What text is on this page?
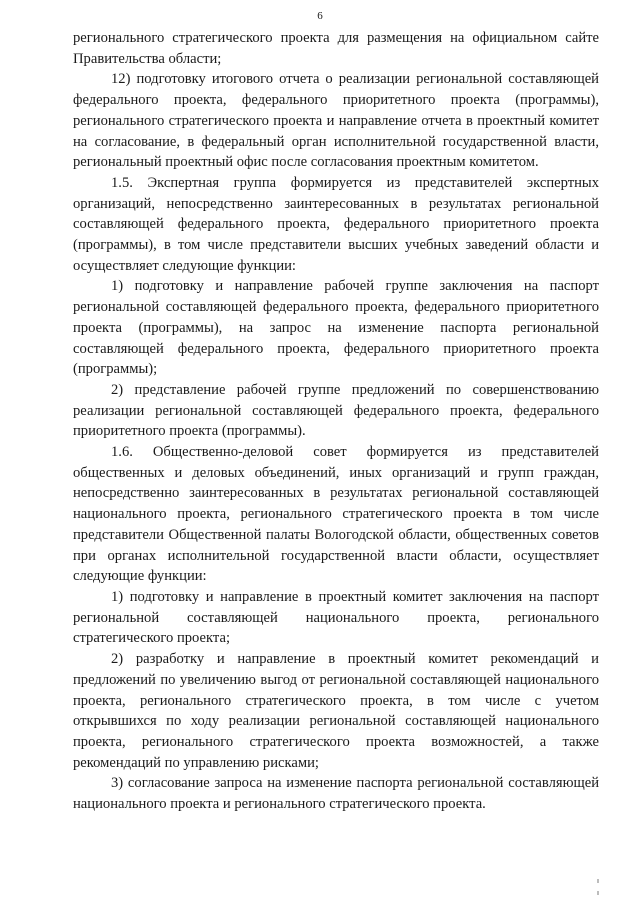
6

регионального стратегического проекта для размещения на официальном сайте Правительства области;

12) подготовку итогового отчета о реализации региональной составляющей федерального проекта, федерального приоритетного проекта (программы), регионального стратегического проекта и направление отчета в проектный комитет на согласование, в федеральный орган исполнительной государственной власти, региональный проектный офис после согласования проектным комитетом.

1.5. Экспертная группа формируется из представителей экспертных организаций, непосредственно заинтересованных в результатах региональной составляющей федерального проекта, федерального приоритетного проекта (программы), в том числе представители высших учебных заведений области и осуществляет следующие функции:

1) подготовку и направление рабочей группе заключения на паспорт региональной составляющей федерального проекта, федерального приоритетного проекта (программы), на запрос на изменение паспорта региональной составляющей федерального проекта, федерального приоритетного проекта (программы);

2) представление рабочей группе предложений по совершенствованию реализации региональной составляющей федерального проекта, федерального приоритетного проекта (программы).

1.6. Общественно-деловой совет формируется из представителей общественных и деловых объединений, иных организаций и групп граждан, непосредственно заинтересованных в результатах региональной составляющей национального проекта, регионального стратегического проекта в том числе представители Общественной палаты Вологодской области, общественных советов при органах исполнительной государственной власти области, осуществляет следующие функции:

1) подготовку и направление в проектный комитет заключения на паспорт региональной составляющей национального проекта, регионального стратегического проекта;

2) разработку и направление в проектный комитет рекомендаций и предложений по увеличению выгод от региональной составляющей национального проекта, регионального стратегического проекта, в том числе с учетом открывшихся по ходу реализации региональной составляющей национального проекта, регионального стратегического проекта возможностей, а также рекомендаций по управлению рисками;

3) согласование запроса на изменение паспорта региональной составляющей национального проекта и регионального стратегического проекта.
